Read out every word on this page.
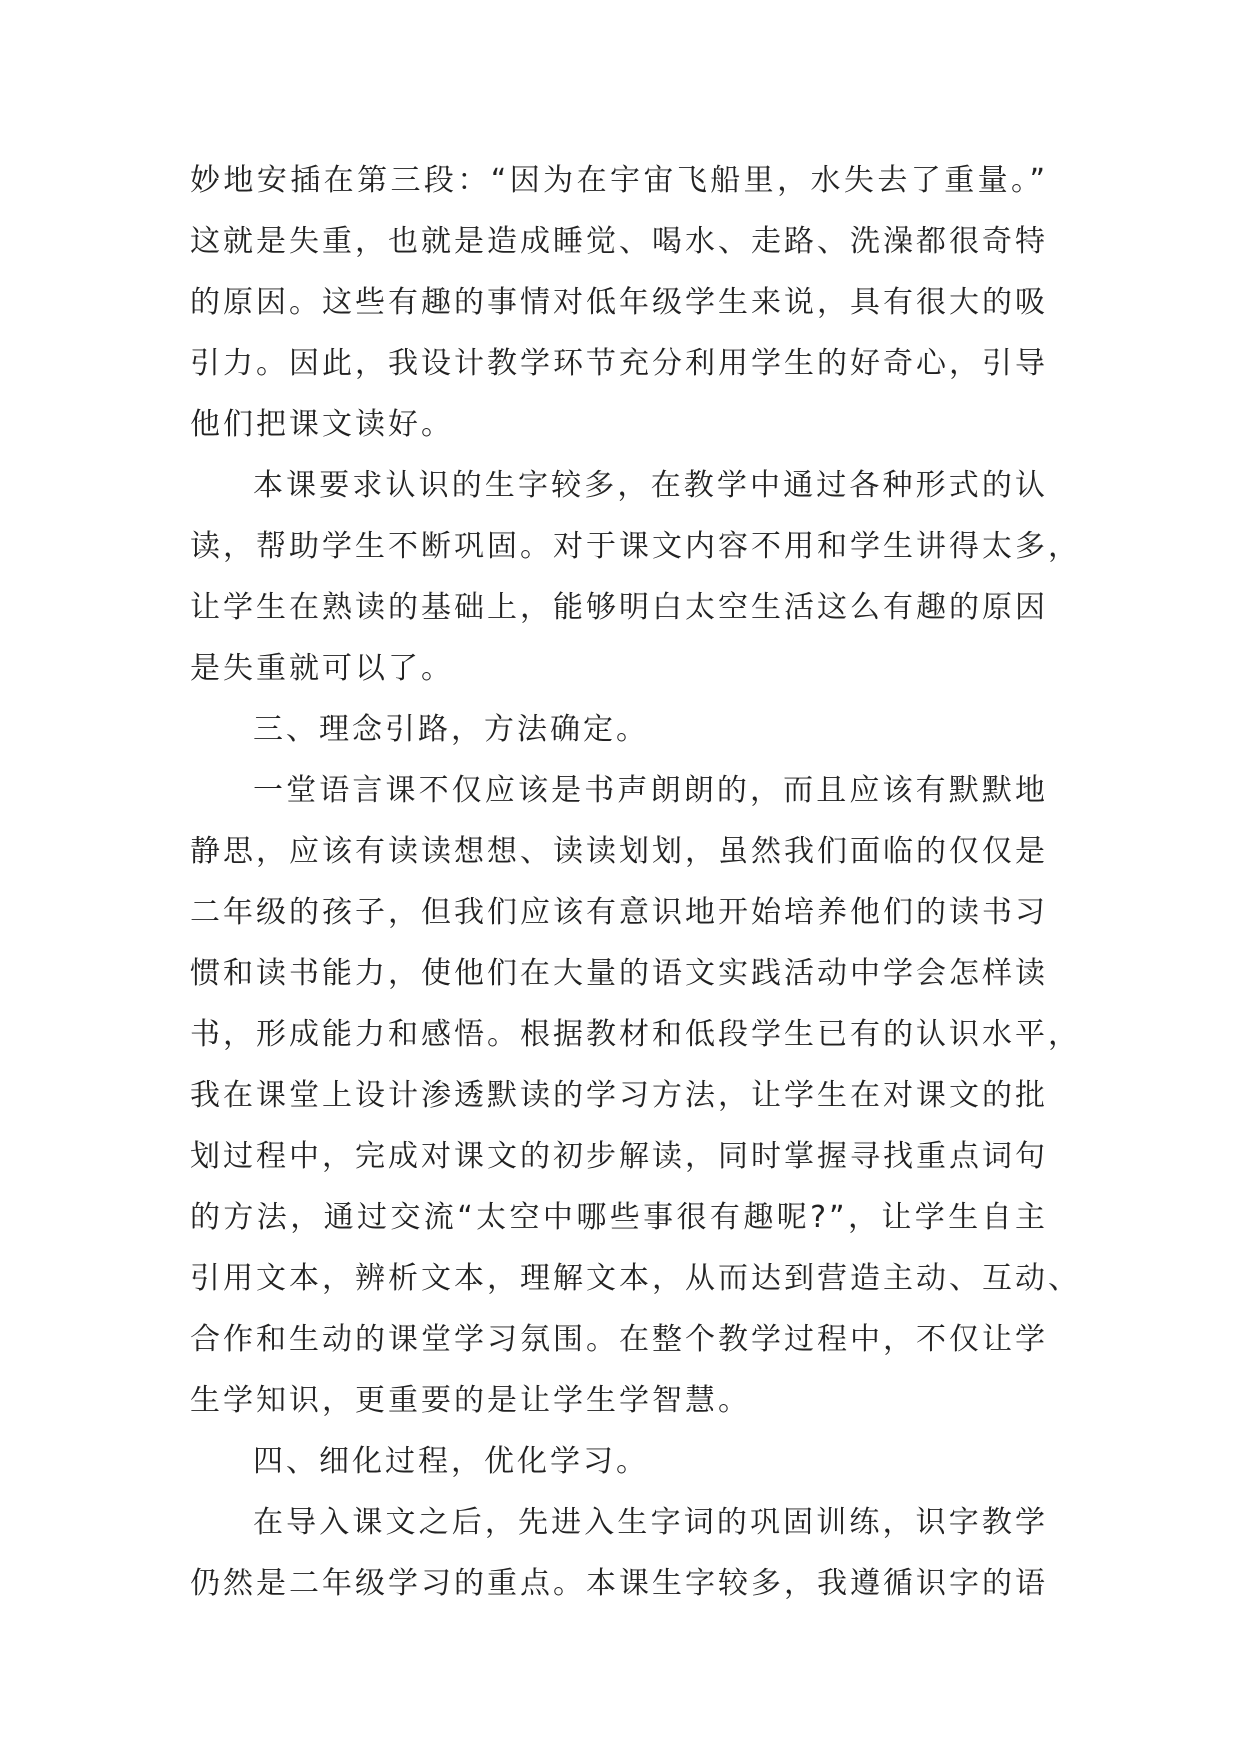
妙地安插在第三段：“因为在宇宙飞船里，水失去了重量。”
这就是失重，也就是造成睡觉、喝水、走路、洗澡都很奇特
的原因。这些有趣的事情对低年级学生来说，具有很大的吸
引力。因此，我设计教学环节充分利用学生的好奇心，引导
他们把课文读好。
本课要求认识的生字较多，在教学中通过各种形式的认
读，帮助学生不断巩固。对于课文内容不用和学生讲得太多，
让学生在熟读的基础上，能够明白太空生活这么有趣的原因
是失重就可以了。
三、理念引路，方法确定。
一堂语言课不仅应该是书声朗朗的，而且应该有默默地
静思，应该有读读想想、读读划划，虽然我们面临的仅仅是
二年级的孩子，但我们应该有意识地开始培养他们的读书习
惯和读书能力，使他们在大量的语文实践活动中学会怎样读
书，形成能力和感悟。根据教材和低段学生已有的认识水平，
我在课堂上设计渗透默读的学习方法，让学生在对课文的批
划过程中，完成对课文的初步解读，同时掌握寻找重点词句
的方法，通过交流“太空中哪些事很有趣呢?”，让学生自主
引用文本，辨析文本，理解文本，从而达到营造主动、互动、
合作和生动的课堂学习氛围。在整个教学过程中，不仅让学
生学知识，更重要的是让学生学智慧。
四、细化过程，优化学习。
在导入课文之后，先进入生字词的巩固训练，识字教学
仍然是二年级学习的重点。本课生字较多，我遵循识字的语
